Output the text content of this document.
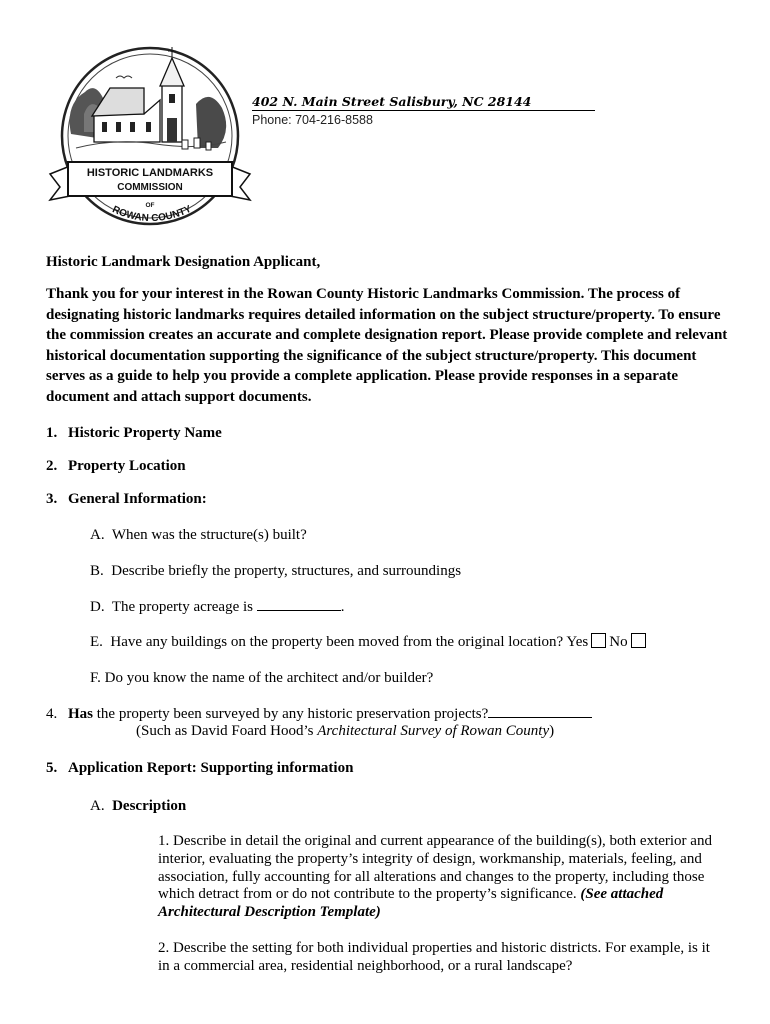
HISTORIC LANDMARKS
COMMISSION
OF
ROWAN COUNTY
402 N. Main Street Salisbury, NC 28144
Phone: 704-216-8588
Historic Landmark Designation Applicant,
Thank you for your interest in the Rowan County Historic Landmarks Commission. The process of designating historic landmarks requires detailed information on the subject structure/property. To ensure the commission creates an accurate and complete designation report. Please provide complete and relevant historical documentation supporting the significance of the subject structure/property. This document serves as a guide to help you provide a complete application. Please provide responses in a separate document and attach support documents.
1. Historic Property Name
2. Property Location
3. General Information:
A. When was the structure(s) built?
B. Describe briefly the property, structures, and surroundings
D. The property acreage is	.
E. Have any buildings on the property been moved from the original location? Yes No
F. Do you know the name of the architect and/or builder?
4. Has the property been surveyed by any historic preservation projects?
(Such as David Foard Hood’s Architectural Survey of Rowan County)
5. Application Report: Supporting information
A. Description
1. Describe in detail the original and current appearance of the building(s), both exterior and interior, evaluating the property’s integrity of design, workmanship, materials, feeling, and association, fully accounting for all alterations and changes to the property, including those which detract from or do not contribute to the property’s significance. (See attached Architectural Description Template)
2. Describe the setting for both individual properties and historic districts. For example, is it in a commercial area, residential neighborhood, or a rural landscape?
